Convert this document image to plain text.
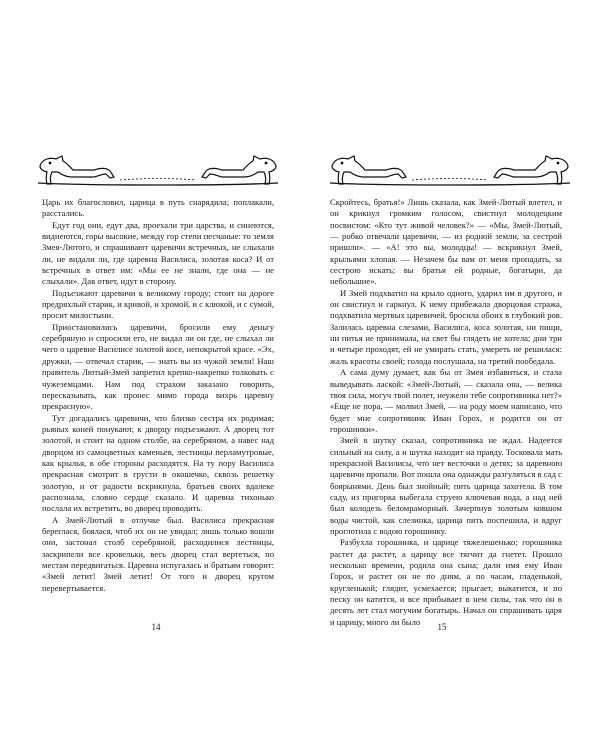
Царь их благословил, царица в путь снарядила; поплакали, расстались.

Едут год они, едут два, проехали три царства, и синеются, виднеются, горы высокие, между гор степи песчаные: то земля Змея-Лютого, и спрашивают царевичи встречных, не слыхали ли, не видали ли, где царевна Василиса, золотая коса? И от встречных в ответ им: «Мы ее не знали, где она — не слыхали». Дав ответ, идут в сторону.

Подъезжают царевичи к великому городу; стоит на дороге предряхлый старик, и кривой, и хромой, и с клюкой, и с сумой, просит милостыни.

Приостановились царевичи, бросили ему деньгу серебряную и спросили его, не видал ли он где, не слыхал ли чего о царевне Василисе золотой косе, непокрытой красе. «Эх, дружки, — отвечал старик, — знать вы из чужой земли! Наш правитель Лютый-Змей запретил крепко-накрепко толковать с чужеземцами. Нам под страхом заказано говорить, пересказывать, как пронес мимо города вихрь царевну прекрасную».

Тут догадались царевичи, что близко сестра их родимая; рьяных коней понукают, к дворцу подъезжают. А дворец тот золотой, и стоит на одном столбе, на серебряном, а навес над дворцом из самоцветных каменьев, лестницы перламутровые, как крылья, в обе стороны расходятся. На ту пору Василиса прекрасная смотрит в грусти в окошечко, сквозь решетку золотую, и от радости вскрикнула, братьев своих вдалеке распознала, словно сердце сказало. И царевна тихонько послала их встретить, во дворец проводить.

А Змей-Лютый в отлучке был. Василиса прекрасная береглася, боялася, чтоб их он не увидал; лишь только вошли они, застонал столб серебряной, расходилися лестницы, заскрипели все кровельки, весь дворец стал вертеться, по местам передвигаться. Царевна испугалась и братьям говорит: «Змей летит! Змей летит! От того и дворец кругом перевертывается.

14

Скройтесь, братья!» Лишь сказала, как Змей-Лютый влетел, и он крикнул громким голосом, свистнул молодецким посвистом: «Кто тут живой человек?» — «Мы, Змей-Лютый, — робко отвечали царевичи, — из родной земли, за сестрой пришли». — «А! это вы, молодцы! — вскрикнул Змей, крыльями хлопая. — Незачем бы вам от меня пропадать, за сестрою искать; вы братья ей родные, богатыри, да небольшие».

И Змей подхватил на крыло одного, ударил им в другого, и он свистнул и гаркнул. К нему прибежала дворцовая стража, подхватила мертвых царевичей, бросила обоих в глубокий ров. Залилась царевна слезами, Василиса, коса золотая, ни пищи, ни питья не принимала, на свет бы глядеть не хотела; дни три и четыре проходят, ей не умирать стать, умереть не решилася: жаль красоты своей; голода послушала, на третий пообедала.

А сама думу думает, как бы от Змея избавиться, и стала выведывать лаской: «Змей-Лютый, — сказала она, — велика твоя сила, могуч твой полет, неужели тебе сопротивника нет?» «Еще не пора, — молвил Змей, — на роду моем написано, что будет мне сопротивник Иван Горох, и родится он от горошинки».

Змей в шутку сказал, сопротивника не ждал. Надеется сильный на силу, а и шутка находит на правду. Тосковала мать прекрасной Василисы, что нет весточки о детях; за царевною царевичи пропали. Вот пошла она однажды разгуляться в сад с боярынями. День был знойный; пить царица захотела. В том саду, из пригорка выбегала струею ключевая вода, а над ней был колодезь беломраморный. Зачерпнув золотым ковшом воды чистой, как слезинка, царица пить поспешила, и вдруг проглотила с водою горошинку.

Разбухла горошинка, и царице тяжелешенько; горошинка растет да растет, а царицу все тягчит да гнетет. Прошло несколько времени, родила она сына; дали имя ему Иван Горох, и растет он не по дням, а по часам, гладенькой, кругленькой; глядит, усмехается; прыгает, выкатится, и по песку он катится, и все прибывает в нем силы, так что он в десять лет стал могучим богатырь. Начал он спрашивать царя и царицу, много ли было

15
